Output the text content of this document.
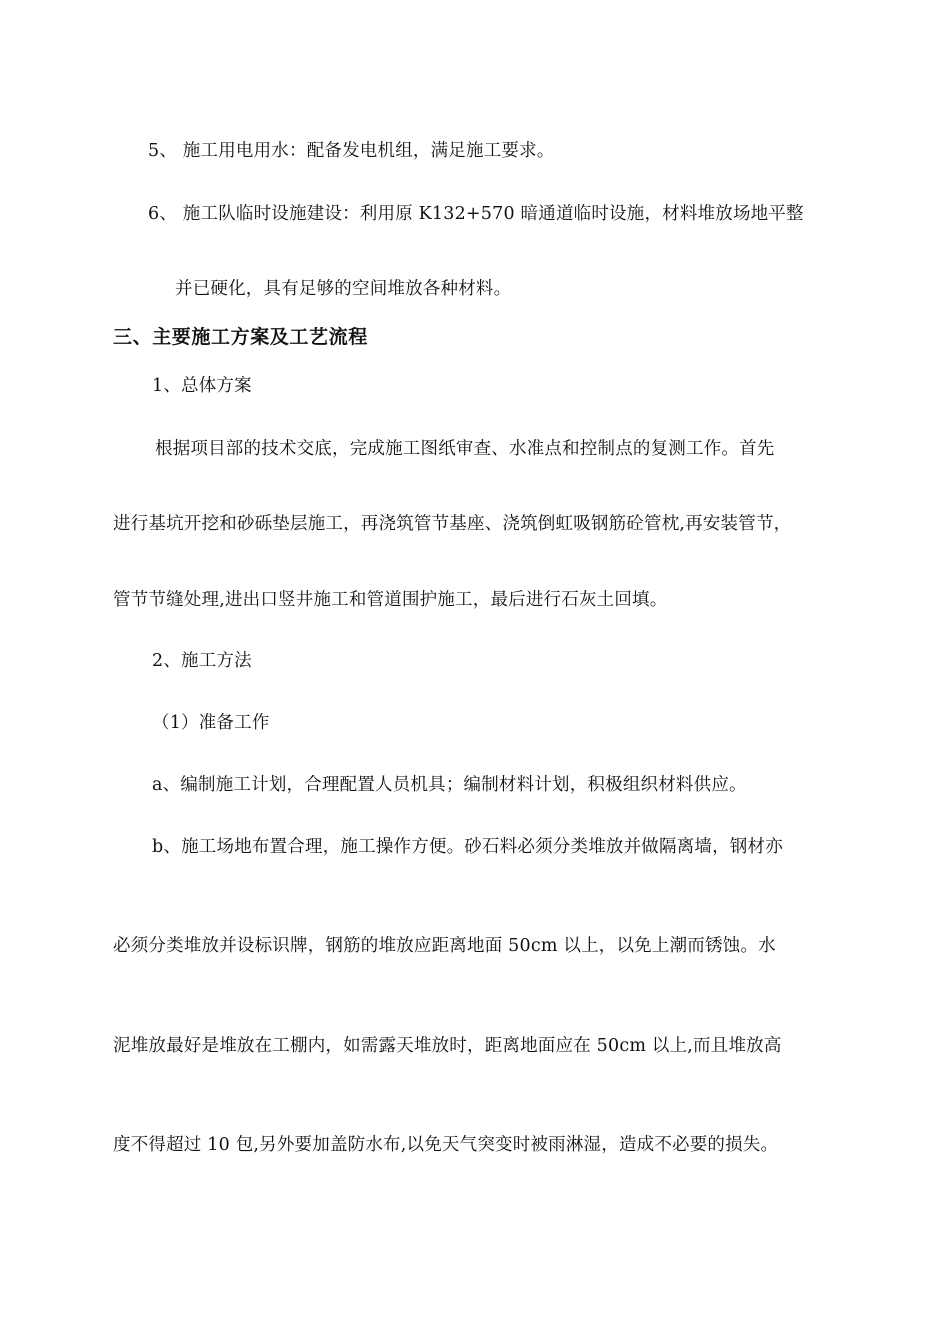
5、 施工用电用水：配备发电机组，满足施工要求。
6、 施工队临时设施建设：利用原 K132+570 暗通道临时设施，材料堆放场地平整
并已硬化，具有足够的空间堆放各种材料。
三、主要施工方案及工艺流程
1、总体方案
根据项目部的技术交底，完成施工图纸审查、水准点和控制点的复测工作。首先
进行基坑开挖和砂砾垫层施工，再浇筑管节基座、浇筑倒虹吸钢筋砼管枕,再安装管节，
管节节缝处理,进出口竖井施工和管道围护施工，最后进行石灰土回填。
2、施工方法
（1）准备工作
a、编制施工计划，合理配置人员机具；编制材料计划，积极组织材料供应。
b、施工场地布置合理，施工操作方便。砂石料必须分类堆放并做隔离墙，钢材亦
必须分类堆放并设标识牌，钢筋的堆放应距离地面 50cm 以上，以免上潮而锈蚀。水
泥堆放最好是堆放在工棚内，如需露天堆放时，距离地面应在 50cm 以上,而且堆放高
度不得超过 10 包,另外要加盖防水布,以免天气突变时被雨淋湿，造成不必要的损失。
